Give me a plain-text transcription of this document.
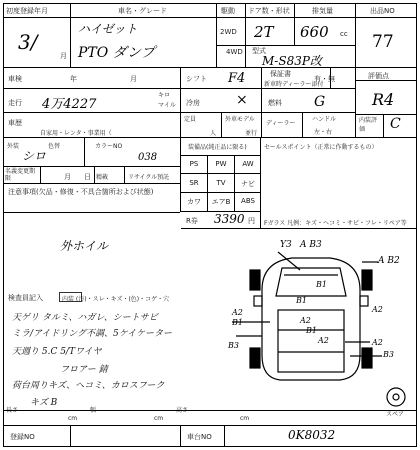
初度登録年月
3/
月
車名・グレード
ハイゼット
PTO ダンプ
駆動
2WD
4WD
ドア数・形状
2T
排気量
660 cc
型式
M-S83P改
出品NO
77
車検	年	月	シフト F4	保証書
新車時ディーラー添付
有・無	評価点
R4
走行 4万4227
キロ
マイル 冷房	×	燃料 G
車歴
自家用・レンタ・事業用（
定員
人
外車モデル
並行
ディーラー
ハンドル
左・右
内装評価	C
外装
シロ
色替	カラーNO
038
名義変更期限	月 日 精載	リサイクル預託
装備品(純正品に限る)
PS	PW	AW
SR	TV	ナビ
カワ	エアB	ABS
R券 3390 円
セールスポイント（正常に作動するもの）
Fガラス 凡例：キズ・ヘコミ・サビ・フレ・リペア等
注意事項(欠品・修復・不具合箇所および状態)
外ホイル
検査員記入	内装 (汚)・スレ・キズ・(色)・コゲ・穴
天ゲリ タルミ、ハガレ、シートサビ
ミラ/アイドリング不調、5ケイケーター
天週り 5.C 5/Tワイヤ
フロアー 錆
荷台周りキズ、ヘコミ、カロスフーク
キズ B
Y3 A B3
A B2
B1
A2
B1
A2
A2
B3
B3
A2
A2
B1
B1
スペア
長さ
cm
幅
cm
高さ
cm
登録NO	車台NO	0K8032
